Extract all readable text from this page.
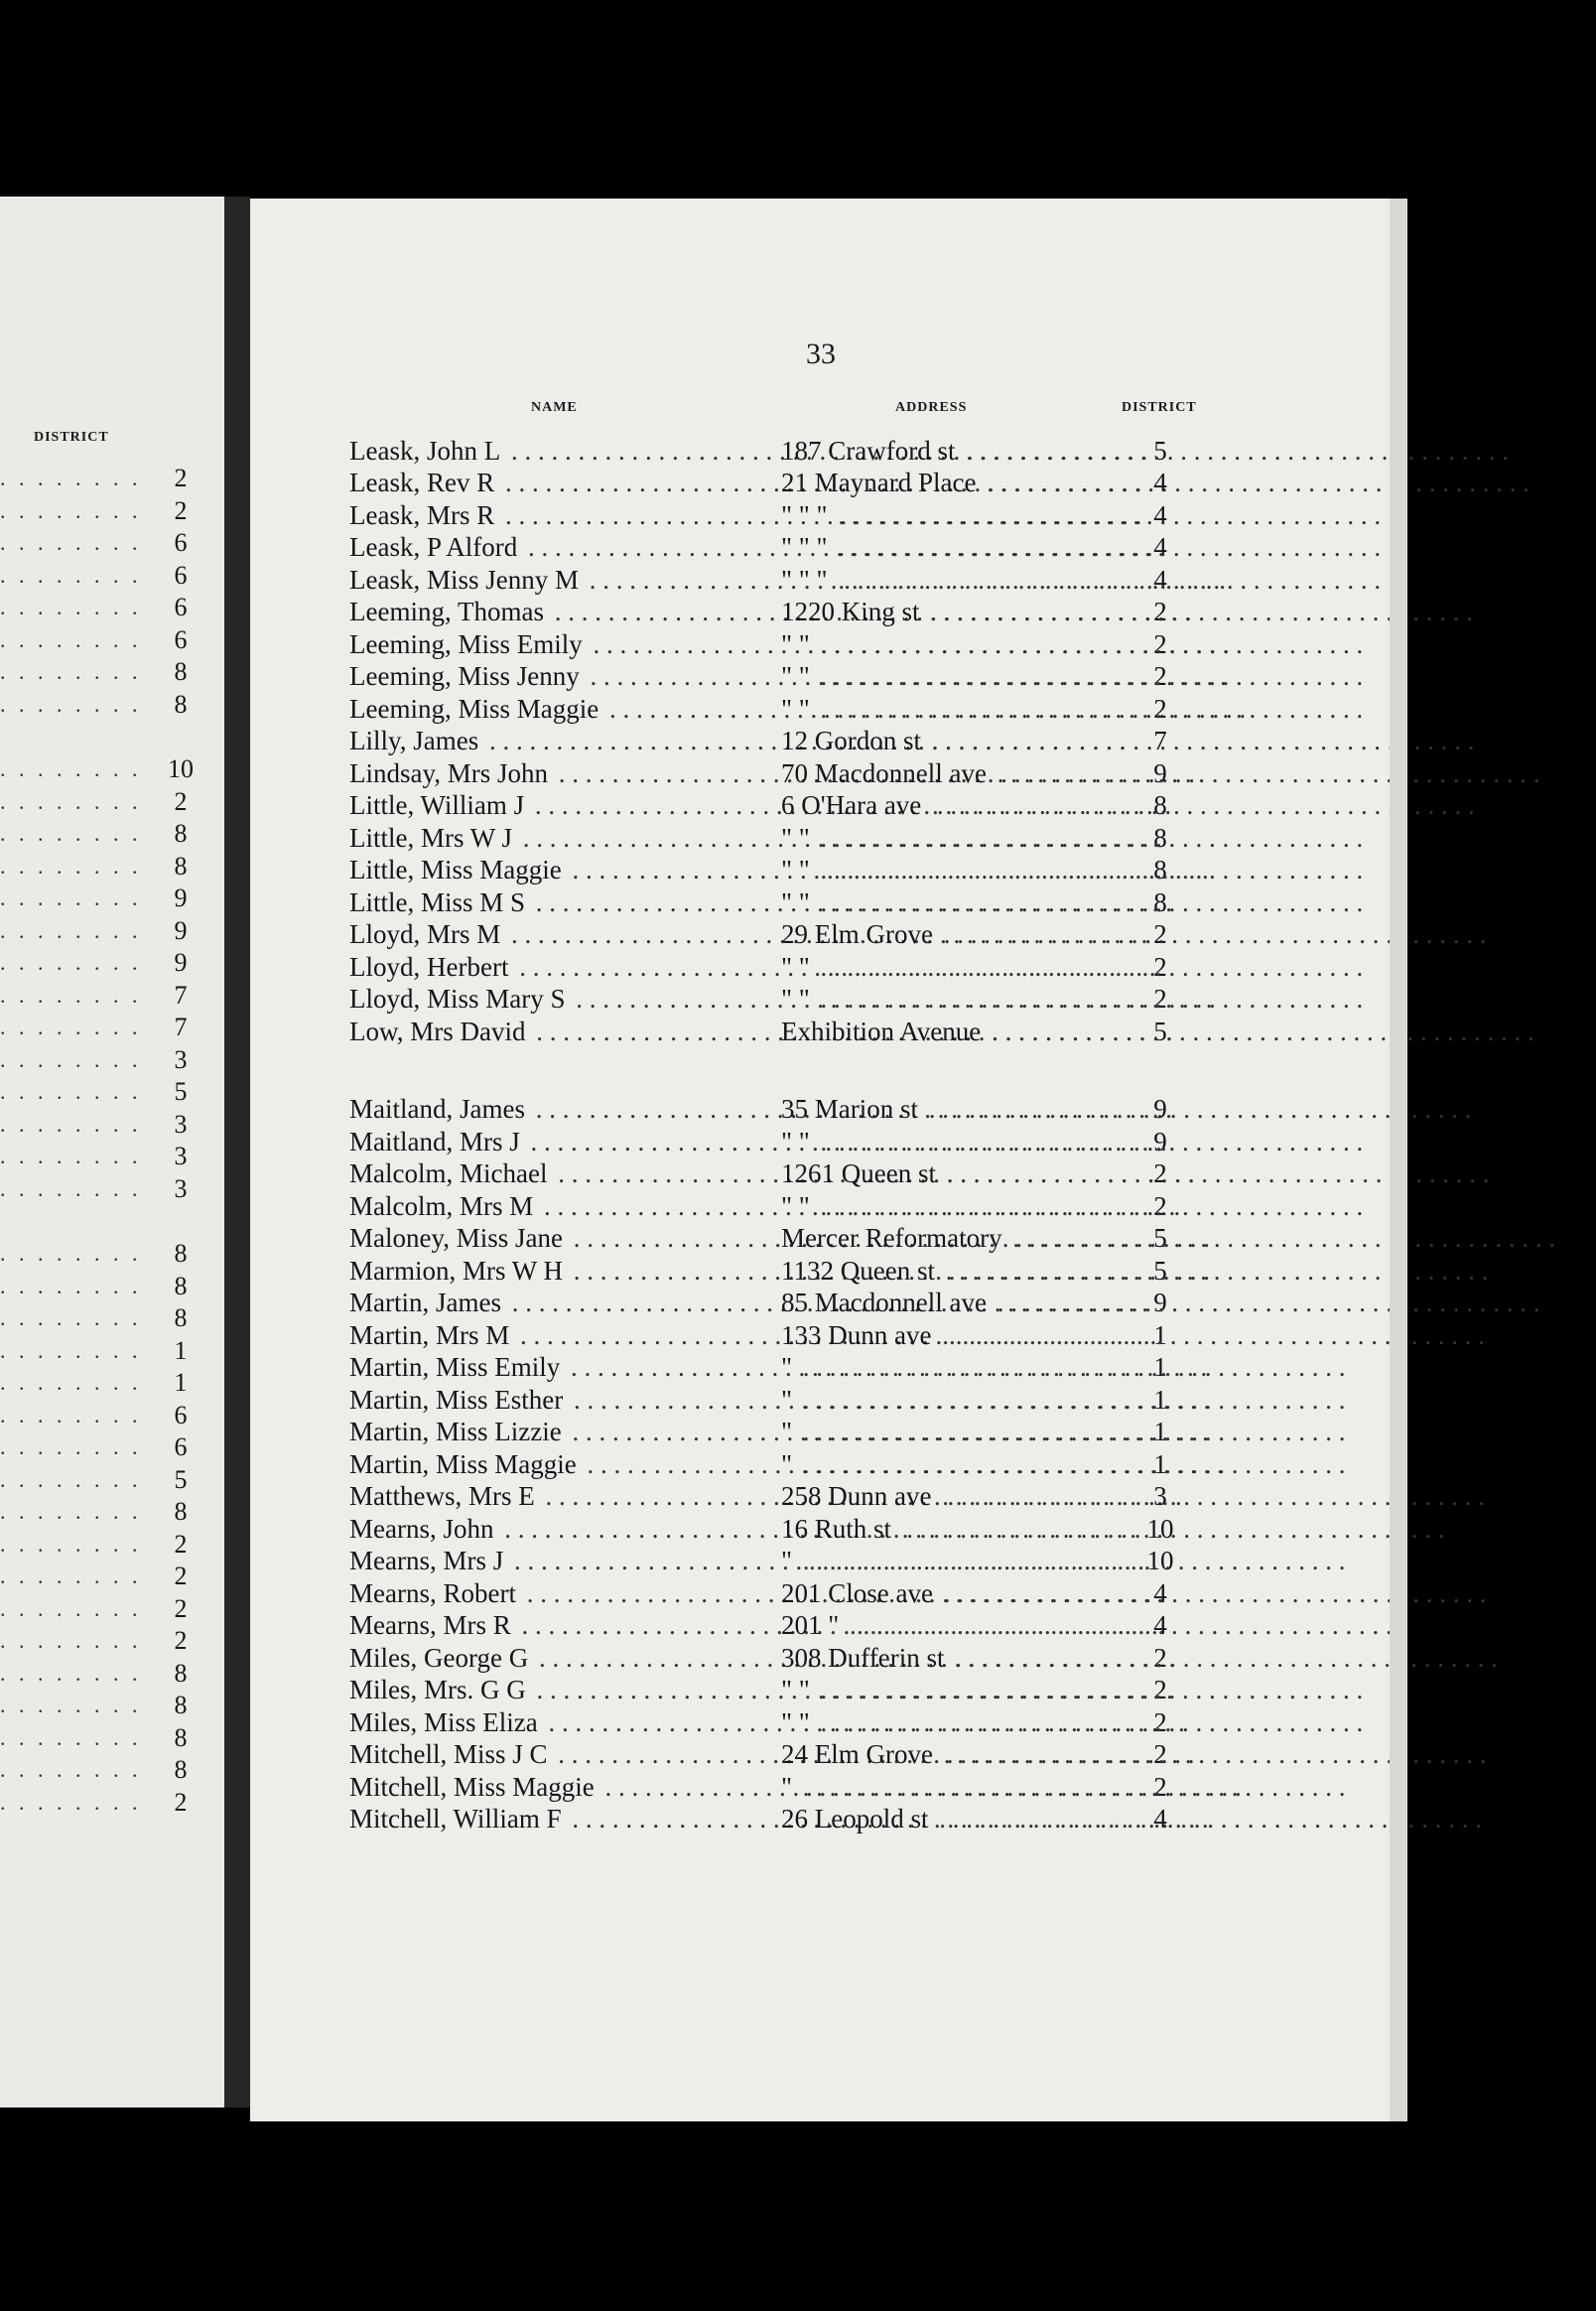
DISTRICT
. . . . . . . .	2
. . . . . . . .	2
. . . . . . . .	6
. . . . . . . .	6
. . . . . . . .	6
. . . . . . . .	6
. . . . . . . .	8
. . . . . . . .	8
. . . . . . . . 10
. . . . . . . .	2
. . . . . . . .	8
. . . . . . . .	8
. . . . . . . .	9
. . . . . . . .	9
. . . . . . . .	9
. . . . . . . .	7
. . . . . . . .	7
. . . . . . . .	3
. . . . . . . .	5
. . . . . . . .	3
. . . . . . . .	3
. . . . . . . .	3
. . . . . . . .	8
. . . . . . . .	8
. . . . . . . .	8
. . . . . . . .	1
. . . . . . . .	1
. . . . . . . .	6
. . . . . . . .	6
. . . . . . . .	5
. . . . . . . .	8
. . . . . . . .	2
. . . . . . . .	2
. . . . . . . .	2
. . . . . . . .	2
. . . . . . . .	8
. . . . . . . .	8
. . . . . . . .	8
. . . . . . . .	8
. . . . . . . .	2
33
NAME	ADDRESS	DISTRICT
Leask, John L . . .	187 Crawford st . . .	5
Leask, Rev R . . .	21 Maynard Place . . .	4
Leask, Mrs R . . .	" " " . . .	4
Leask, P Alford . . .	" " " . . .	4
Leask, Miss Jenny M . . .	" " " . . .	4
Leeming, Thomas . . .	1220 King st . . .	2
Leeming, Miss Emily . . .	" " . . .	2
Leeming, Miss Jenny . . .	" " . . .	2
Leeming, Miss Maggie . . .	" " . . .	2
Lilly, James . . .	12 Gordon st . . .	7
Lindsay, Mrs John . . .	70 Macdonnell ave . . .	9
Little, William J . . .	6 O'Hara ave . . .	8
Little, Mrs W J . . .	" " . . .	8
Little, Miss Maggie . . .	" " . . .	8
Little, Miss M S . . .	" " . . .	8
Lloyd, Mrs M . . .	29 Elm Grove . . .	2
Lloyd, Herbert . . .	" " . . .	2
Lloyd, Miss Mary S . . .	" " . . .	2
Low, Mrs David . . .	Exhibition Avenue . . .	5
Maitland, James . . .	35 Marion st . . .	9
Maitland, Mrs J . . .	" " . . .	9
Malcolm, Michael . . .	1261 Queen st . . .	2
Malcolm, Mrs M . . .	" " . . .	2
Maloney, Miss Jane . . .	Mercer Reformatory . . .	5
Marmion, Mrs W H . . .	1132 Queen st . . .	5
Martin, James . . .	85 Macdonnell ave . . .	9
Martin, Mrs M . . .	133 Dunn ave . . .	1
Martin, Miss Emily . . .	" . . .	1
Martin, Miss Esther . . .	" . . .	1
Martin, Miss Lizzie . . .	" . . .	1
Martin, Miss Maggie . . .	" . . .	1
Matthews, Mrs E . . .	258 Dunn ave . . .	3
Mearns, John . . .	16 Ruth st . . .	10
Mearns, Mrs J . . .	" . . .	10
Mearns, Robert . . .	201 Close ave . . .	4
Mearns, Mrs R . . .	201 " . . .	4
Miles, George G . . .	308 Dufferin st . . .	2
Miles, Mrs. G G . . .	" " . . .	2
Miles, Miss Eliza . . .	" " . . .	2
Mitchell, Miss J C . . .	24 Elm Grove . . .	2
Mitchell, Miss Maggie . . .	" . . .	2
Mitchell, William F . . .	26 Leopold st . . .	4
